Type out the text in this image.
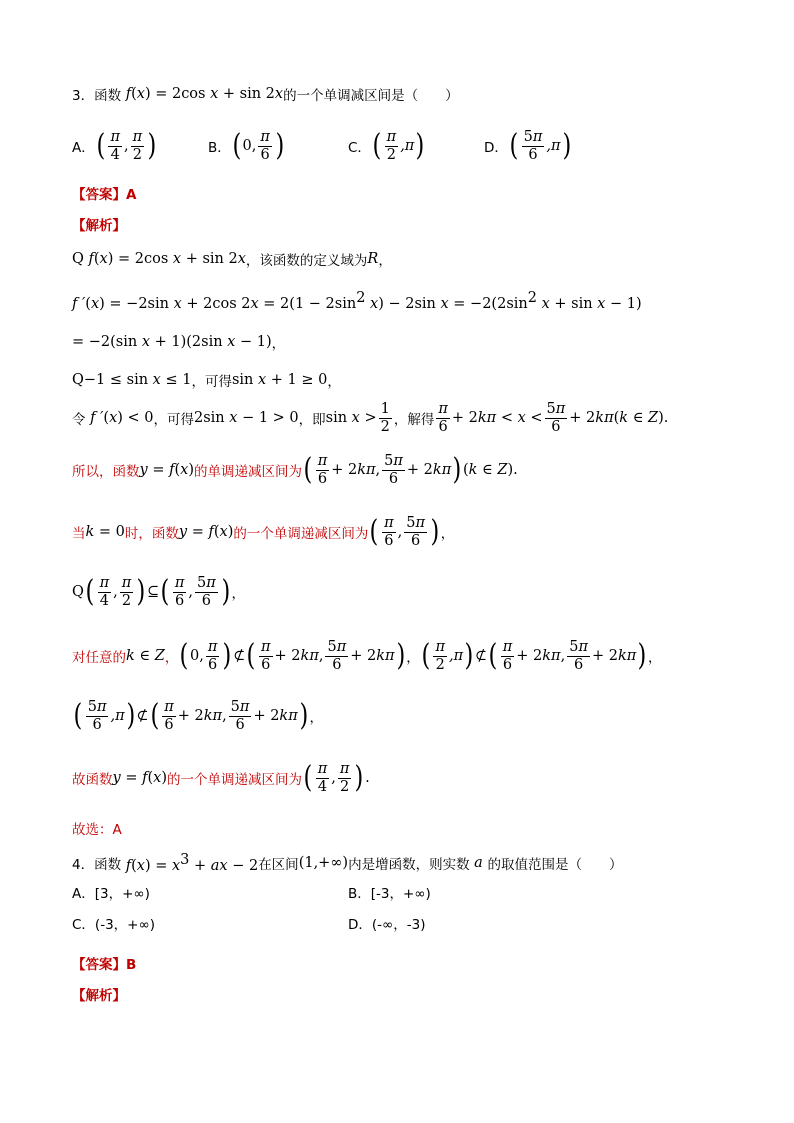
3．函数 f(x) = 2cos x + sin 2x 的一个单调减区间是（　　）
A． ( $\frac{\pi}{4}$ , $\frac{\pi}{2}$ )	B． ( 0, $\frac{\pi}{6}$ )	C． ( $\frac{\pi}{2} ,\pi$ )	D． ( $\frac{5\pi}{6} ,\pi$ )
【答案】A
【解析】
Q f(x) = 2cos x + sin 2x ，该函数的定义域为 R ，
f ′(x) = −2sin x + 2cos $2x = 2(1 - 2\sin^2$ x) − 2sin $x = -2(2\sin^2$ x + sin x − 1)
= −2(sin x + 1)(2sin x − 1) ，
Q −1 ≤ sin x ≤ 1 ，可得 sin x + 1 ≥ 0 ，
令 f ′(x) < 0 ，可得 2sin x − 1 > 0 ，即 $\sin x > \frac{1}{2}$ ，解得 $\frac{\pi}{6} + 2k\pi < x < \frac{5\pi}{6} + 2k\pi(k$ ∈ Z).
所以，函数 y = f(x) 的单调递减区间为 ( $\frac{\pi}{6} + 2k\pi$, $\frac{5\pi}{6} + 2k\pi$ ) (k ∈ Z).
当 k = 0 时，函数 y = f(x) 的一个单调递减区间为 ( $\frac{\pi}{6}$ , $\frac{5\pi}{6}$ ) ，
Q ( $\frac{\pi}{4}$ , $\frac{\pi}{2}$ ) ⊆ ( $\frac{\pi}{6}$ , $\frac{5\pi}{6}$ ) ，
对任意的 k ∈ Z ， ( 0, $\frac{\pi}{6}$ ) ⊄ ( $\frac{\pi}{6} + 2k\pi$, $\frac{5\pi}{6} + 2k\pi$ ) ， ( $\frac{\pi}{2} ,\pi$ ) ⊄ ( $\frac{\pi}{6} + 2k\pi$, $\frac{5\pi}{6} + 2k\pi$ ) ，
( $\frac{5\pi}{6} ,\pi$ ) ⊄ ( $\frac{\pi}{6} + 2k\pi$, $\frac{5\pi}{6} + 2k\pi$ ) ，
故函数 y = f(x) 的一个单调递减区间为 ( $\frac{\pi}{4}$ , $\frac{\pi}{2}$ ) .
故选：A
4．函数 $f(x) = x^3$ + ax − 2 在区间 (1,+∞) 内是增函数，则实数 a 的取值范围是（　　）
A．[3，+∞)	B．[-3，+∞)
C．(-3，+∞)	D．(-∞，-3)
【答案】B
【解析】
